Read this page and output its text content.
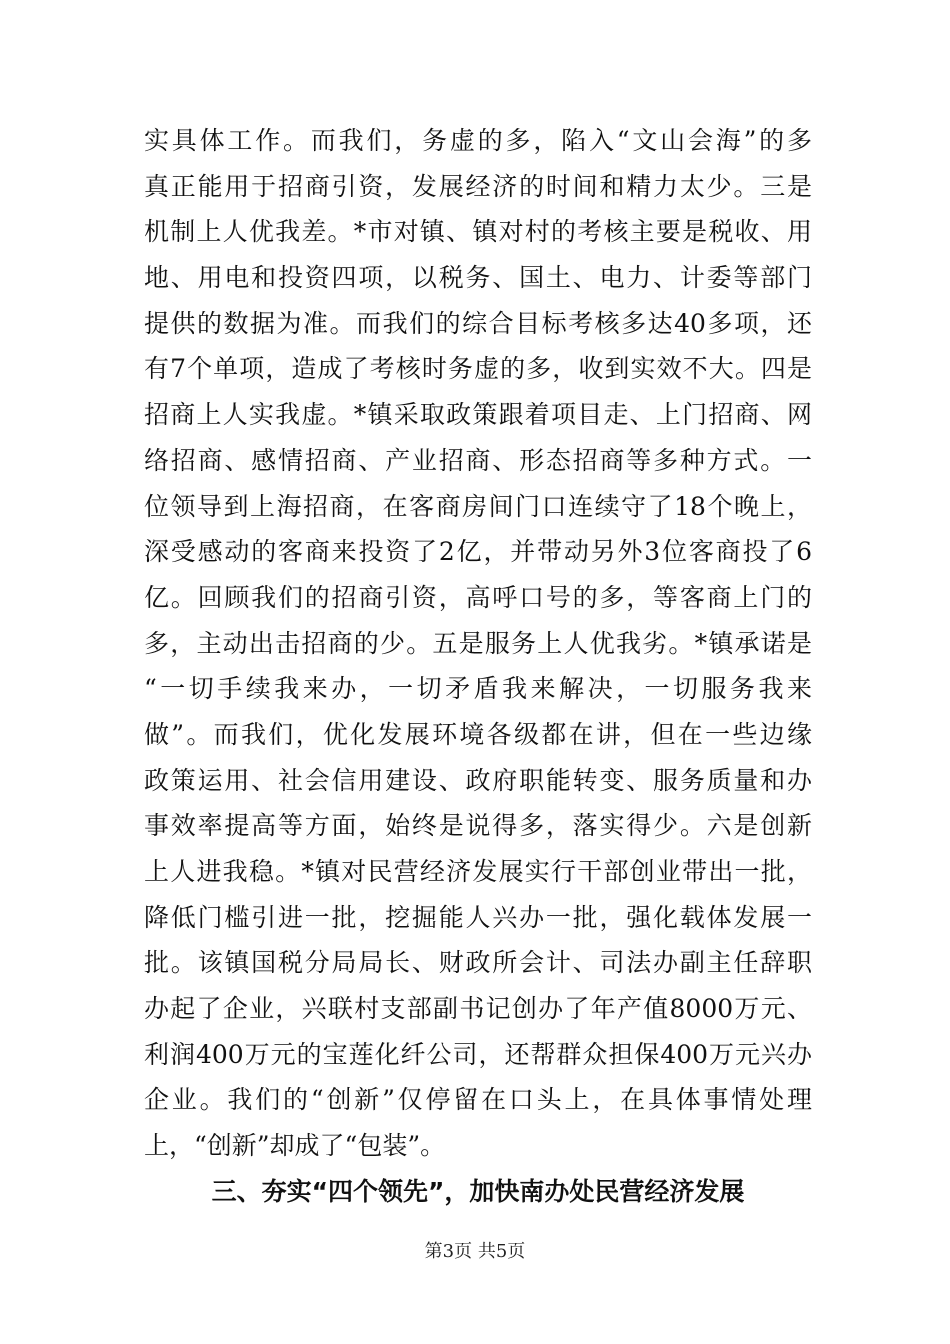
实具体工作。而我们，务虚的多，陷入“文山会海”的多
真正能用于招商引资，发展经济的时间和精力太少。三是
机制上人优我差。*市对镇、镇对村的考核主要是税收、用
地、用电和投资四项，以税务、国土、电力、计委等部门
提供的数据为准。而我们的综合目标考核多达40多项，还
有7个单项，造成了考核时务虚的多，收到实效不大。四是
招商上人实我虚。*镇采取政策跟着项目走、上门招商、网
络招商、感情招商、产业招商、形态招商等多种方式。一
位领导到上海招商，在客商房间门口连续守了18个晚上，
深受感动的客商来投资了2亿，并带动另外3位客商投了6
亿。回顾我们的招商引资，高呼口号的多，等客商上门的
多，主动出击招商的少。五是服务上人优我劣。*镇承诺是
“一切手续我来办，一切矛盾我来解决，一切服务我来
做”。而我们，优化发展环境各级都在讲，但在一些边缘
政策运用、社会信用建设、政府职能转变、服务质量和办
事效率提高等方面，始终是说得多，落实得少。六是创新
上人进我稳。*镇对民营经济发展实行干部创业带出一批，
降低门槛引进一批，挖掘能人兴办一批，强化载体发展一
批。该镇国税分局局长、财政所会计、司法办副主任辞职
办起了企业，兴联村支部副书记创办了年产值8000万元、
利润400万元的宝莲化纤公司，还帮群众担保400万元兴办
企业。我们的“创新”仅停留在口头上，在具体事情处理
上，“创新”却成了“包装”。
三、夯实“四个领先”，加快南办处民营经济发展
第3页 共5页
